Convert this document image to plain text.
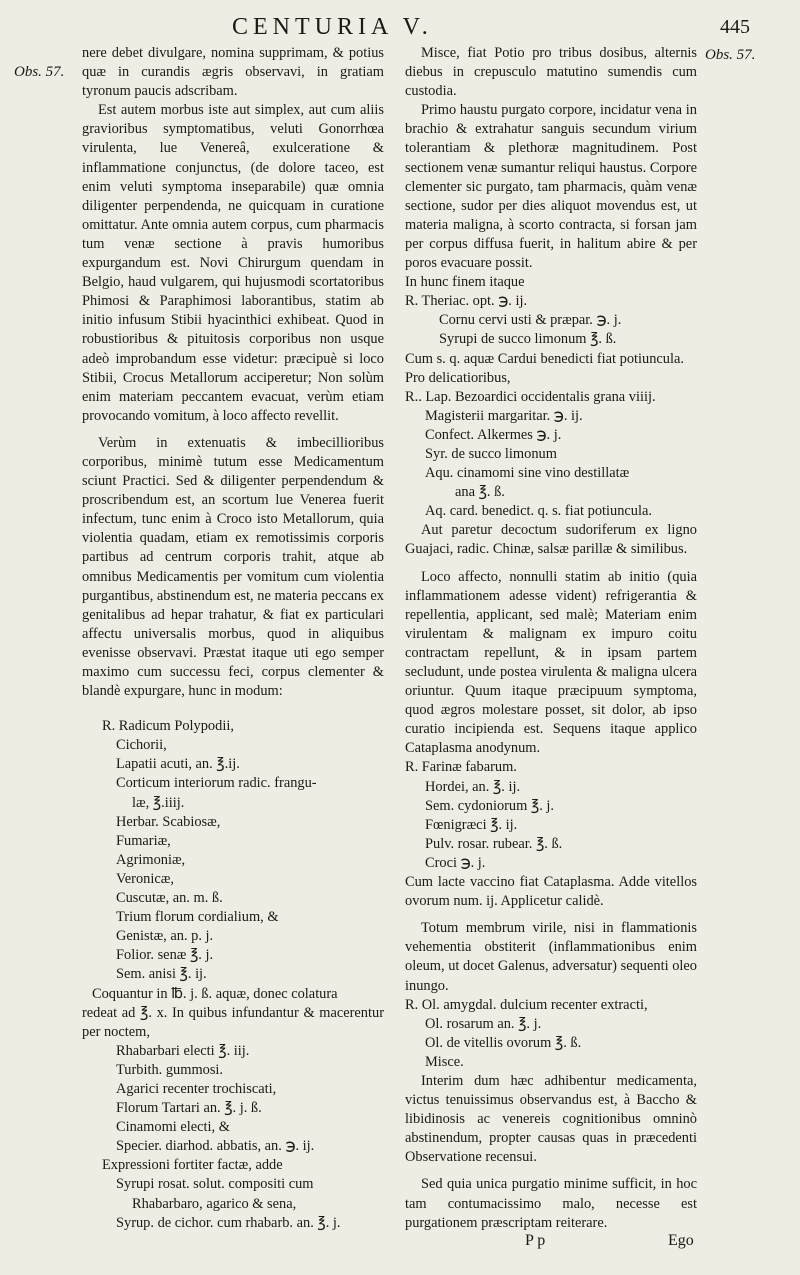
CENTURIA V.	445
Obs. 57.
Obs. 57.

nere debet divulgare, nomina supprimam, & potius quæ in curandis ægris observavi, in gratiam tyronum paucis adscribam.

Est autem morbus iste aut simplex, aut cum aliis gravioribus symptomatibus, veluti Gonorrhœa virulenta, lue Venereâ, exulceratione & inflammatione conjunctus, (de dolore taceo, est enim veluti symptoma inseparabile) quæ omnia diligenter perpendenda, ne quicquam in curatione omittatur. Ante omnia autem corpus, cum pharmacis tum venæ sectione à pravis humoribus expurgandum est. Novi Chirurgum quendam in Belgio, haud vulgarem, qui hujusmodi scortatoribus Phimosi & Paraphimosi laborantibus, statim ab initio infusum Stibii hyacinthici exhibeat. Quod in robustioribus & pituitosis corporibus non usque adeò improbandum esse videtur: præcipuè si loco Stibii, Crocus Metallorum acciperetur; Non solùm enim materiam peccantem evacuat, verùm etiam provocando vomitum, à loco affecto revellit.

Verùm in extenuatis & imbecillioribus corporibus, minimè tutum esse Medicamentum sciunt Practici. Sed & diligenter perpendendum & proscribendum est, an scortum lue Venerea fuerit infectum, tunc enim à Croco isto Metallorum, quia violentia quadam, etiam ex remotissimis corporis partibus ad centrum corporis trahit, atque ab omnibus Medicamentis per vomitum cum violentia purgantibus, abstinendum est, ne materia peccans ex genitalibus ad hepar trahatur, & fiat ex particulari affectu universalis morbus, quod in aliquibus evenisse observavi. Præstat itaque uti ego semper maximo cum successu feci, corpus clementer & blandè expurgare, hunc in modum:

R. Radicum Polypodii,
Cichorii,
Lapatii acuti, an. ℥.ij.
Corticum interiorum radic. frangu-
læ, ℥.iiij.
Herbar. Scabiosæ,
Fumariæ,
Agrimoniæ,
Veronicæ,
Cuscutæ, an. m. ß.
Trium florum cordialium, &
Genistæ, an. p. j.
Folior. senæ ℥. j.
Sem. anisi ℥. ij.
Coquantur in ℔. j. ß. aquæ, donec colatura
redeat ad ℥. x. In quibus infundantur & macerentur per noctem,
Rhabarbari electi ℥. iij.
Turbith. gummosi.
Agarici recenter trochiscati,
Florum Tartari an. ℥. j. ß.
Cinamomi electi, &
Specier. diarhod. abbatis, an. ℈. ij.
Expressioni fortiter factæ, adde
Syrupi rosat. solut. compositi cum
Rhabarbaro, agarico & sena,
Syrup. de cichor. cum rhabarb. an. ℥. j.

Misce, fiat Potio pro tribus dosibus, alternis diebus in crepusculo matutino sumendis cum custodia.

Primo haustu purgato corpore, incidatur vena in brachio & extrahatur sanguis secundum virium tolerantiam & plethoræ magnitudinem. Post sectionem venæ sumantur reliqui haustus. Corpore clementer sic purgato, tam pharmacis, quàm venæ sectione, sudor per dies aliquot movendus est, ut materia maligna, à scorto contracta, si forsan jam per corpus diffusa fuerit, in halitum abire & per poros evacuare possit.

In hunc finem itaque
R. Theriac. opt. ℈. ij.
Cornu cervi usti & præpar. ℈. j.
Syrupi de succo limonum ℥. ß.
Cum s. q. aquæ Cardui benedicti fiat potiuncula.
Pro delicatioribus,
R.. Lap. Bezoardici occidentalis grana viiij.
Magisterii margaritar. ℈. ij.
Confect. Alkermes ℈. j.
Syr. de succo limonum
Aqu. cinamomi sine vino destillatæ
ana ℥. ß.
Aq. card. benedict. q. s. fiat potiuncula.

Aut paretur decoctum sudoriferum ex ligno Guajaci, radic. Chinæ, salsæ parillæ & similibus.

Loco affecto, nonnulli statim ab initio (quia inflammationem adesse vident) refrigerantia & repellentia, applicant, sed malè; Materiam enim virulentam & malignam ex impuro coitu contractam repellunt, & in ipsam partem secludunt, unde postea virulenta & maligna ulcera oriuntur. Quum itaque præcipuum symptoma, quod ægros molestare posset, sit dolor, ab ipso curatio incipienda est. Sequens itaque applico Cataplasma anodynum.

R. Farinæ fabarum.
Hordei, an. ℥. ij.
Sem. cydoniorum ℥. j.
Fœnigræci ℥. ij.
Pulv. rosar. rubear. ℥. ß.
Croci ℈. j.

Cum lacte vaccino fiat Cataplasma. Adde vitellos ovorum num. ij. Applicetur calidè.

Totum membrum virile, nisi in flammationis vehementia obstiterit (inflammationibus enim oleum, ut docet Galenus, adversatur) sequenti oleo inungo.

R. Ol. amygdal. dulcium recenter extracti,
Ol. rosarum an. ℥. j.
Ol. de vitellis ovorum ℥. ß.
Misce.

Interim dum hæc adhibentur medicamenta, victus tenuissimus observandus est, à Baccho & libidinosis ac venereis cognitionibus omninò abstinendum, propter causas quas in præcedenti Observatione recensui.

Sed quia unica purgatio minime sufficit, in hoc tam contumacissimo malo, necesse est purgationem præscriptam reiterare.

P p	Ego
